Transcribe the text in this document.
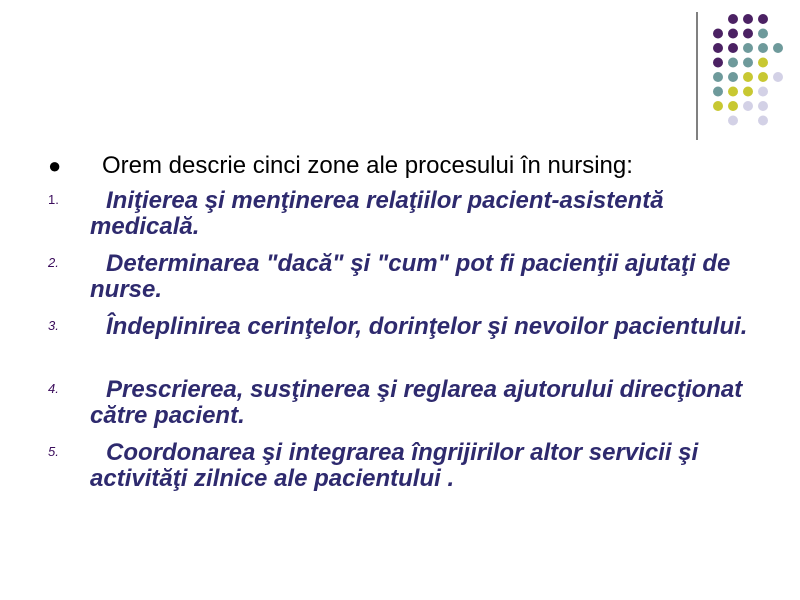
● Orem descrie cinci zone ale procesului în nursing:
1.	Iniţierea şi menţinerea relaţiilor pacient-asistentă medicală.
2.	Determinarea "dacă" şi "cum" pot fi pacienţii ajutaţi de nurse.
3.	Îndeplinirea cerinţelor, dorinţelor şi nevoilor pacientului.
4.	Prescrierea, susţinerea şi reglarea ajutorului direcţionat către pacient.
5.	Coordonarea şi integrarea îngrijirilor altor servicii şi activităţi zilnice ale pacientului .
